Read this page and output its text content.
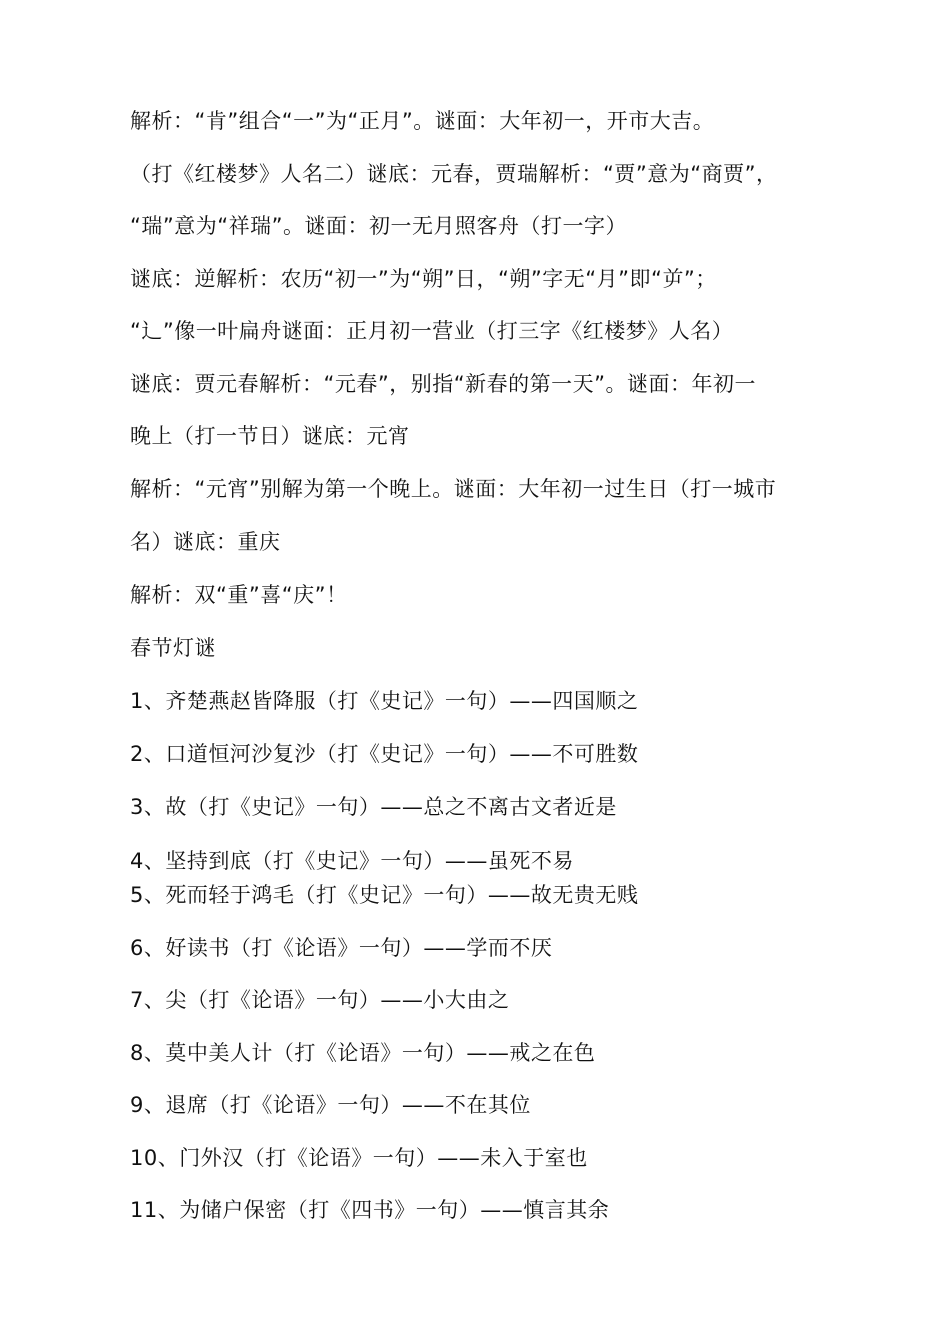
解析：“肯”组合“一”为“正月”。谜面：大年初一，开市大吉。
（打《红楼梦》人名二）谜底：元春，贾瑞解析：“贾”意为“商贾”，
“瑞”意为“祥瑞”。谜面：初一无月照客舟（打一字）
谜底：逆解析：农历“初一”为“朔”日，“朔”字无“月”即“屰”；
“辶”像一叶扁舟谜面：正月初一营业（打三字《红楼梦》人名）
谜底：贾元春解析：“元春”，别指“新春的第一天”。谜面：年初一
晚上（打一节日）谜底：元宵
解析：“元宵”别解为第一个晚上。谜面：大年初一过生日（打一城市
名）谜底：重庆
解析：双“重”喜“庆”！
春节灯谜
1、齐楚燕赵皆降服（打《史记》一句）——四国顺之
2、口道恒河沙复沙（打《史记》一句）——不可胜数
3、故（打《史记》一句）——总之不离古文者近是
4、坚持到底（打《史记》一句）——虽死不易
5、死而轻于鸿毛（打《史记》一句）——故无贵无贱
6、好读书（打《论语》一句）——学而不厌
7、尖（打《论语》一句）——小大由之
8、莫中美人计（打《论语》一句）——戒之在色
9、退席（打《论语》一句）——不在其位
10、门外汉（打《论语》一句）——未入于室也
11、为储户保密（打《四书》一句）——慎言其余
